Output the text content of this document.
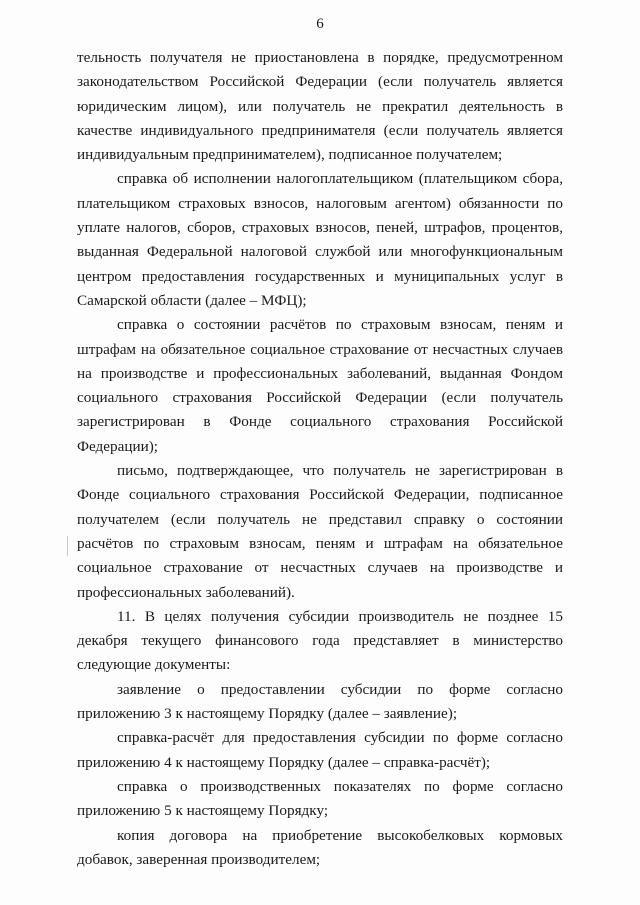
6

тельность получателя не приостановлена в порядке, предусмотренном законодательством Российской Федерации (если получатель является юридическим лицом), или получатель не прекратил деятельность в качестве индивидуального предпринимателя (если получатель является индивидуальным предпринимателем), подписанное получателем;

справка об исполнении налогоплательщиком (плательщиком сбора, плательщиком страховых взносов, налоговым агентом) обязанности по уплате налогов, сборов, страховых взносов, пеней, штрафов, процентов, выданная Федеральной налоговой службой или многофункциональным центром предоставления государственных и муниципальных услуг в Самарской области (далее – МФЦ);

справка о состоянии расчётов по страховым взносам, пеням и штрафам на обязательное социальное страхование от несчастных случаев на производстве и профессиональных заболеваний, выданная Фондом социального страхования Российской Федерации (если получатель зарегистрирован в Фонде социального страхования Российской Федерации);

письмо, подтверждающее, что получатель не зарегистрирован в Фонде социального страхования Российской Федерации, подписанное получателем (если получатель не представил справку о состоянии расчётов по страховым взносам, пеням и штрафам на обязательное социальное страхование от несчастных случаев на производстве и профессиональных заболеваний).

11. В целях получения субсидии производитель не позднее 15 декабря текущего финансового года представляет в министерство следующие документы:

заявление о предоставлении субсидии по форме согласно приложению 3 к настоящему Порядку (далее – заявление);

справка-расчёт для предоставления субсидии по форме согласно приложению 4 к настоящему Порядку (далее – справка-расчёт);

справка о производственных показателях по форме согласно приложению 5 к настоящему Порядку;

копия договора на приобретение высокобелковых кормовых добавок, заверенная производителем;
